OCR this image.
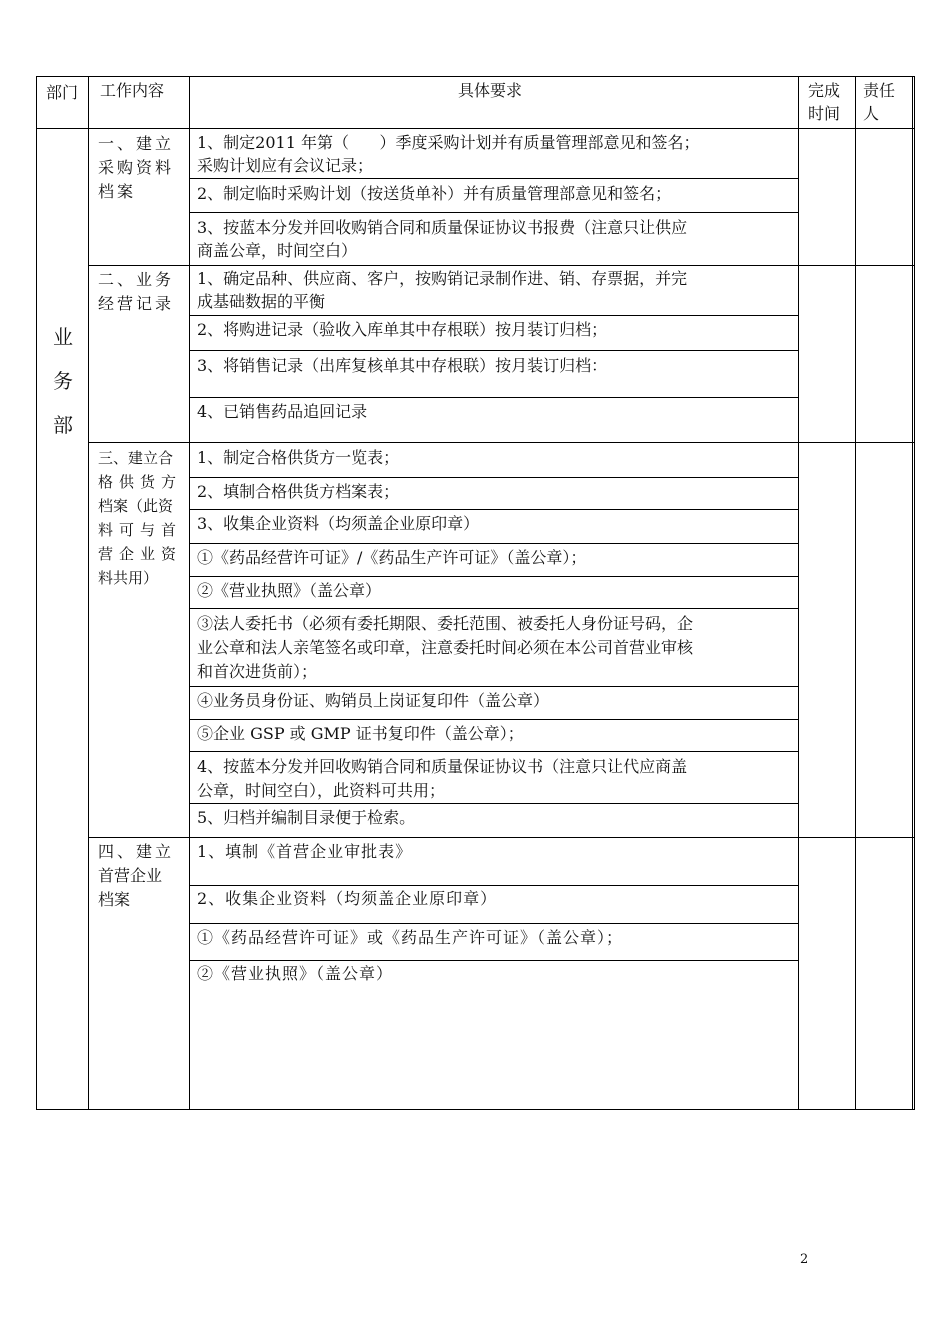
部门 工作内容	具体要求	完成
时间
责任
人
业
务
部
一、建立
采购资料
档案
1、制定2011 年第（      ）季度采购计划并有质量管理部意见和签名；
采购计划应有会议记录；
2、制定临时采购计划（按送货单补）并有质量管理部意见和签名；
3、按蓝本分发并回收购销合同和质量保证协议书报费（注意只让供应
商盖公章，时间空白）
二、业务
经营记录
1、确定品种、供应商、客户，按购销记录制作进、销、存票据，并完
成基础数据的平衡
2、将购进记录（验收入库单其中存根联）按月装订归档；
3、将销售记录（出库复核单其中存根联）按月装订归档：
4、已销售药品追回记录
三、建立合
格供货方
档案（此资
料可与首
营企业资
料共用）
1、制定合格供货方一览表；
2、填制合格供货方档案表；
3、收集企业资料（均须盖企业原印章）
①《药品经营许可证》/《药品生产许可证》（盖公章）；
②《营业执照》（盖公章）
③法人委托书（必须有委托期限、委托范围、被委托人身份证号码，企
业公章和法人亲笔签名或印章，注意委托时间必须在本公司首营业审核
和首次进货前）；
④业务员身份证、购销员上岗证复印件（盖公章）
⑤企业 GSP 或 GMP 证书复印件（盖公章）；
4、按蓝本分发并回收购销合同和质量保证协议书（注意只让代应商盖
公章，时间空白），此资料可共用；
5、归档并编制目录便于检索。
四、建立
首营企业
档案
1、填制《首营企业审批表》
2、收集企业资料（均须盖企业原印章）
①《药品经营许可证》或《药品生产许可证》（盖公章）；
②《营业执照》（盖公章）
2
